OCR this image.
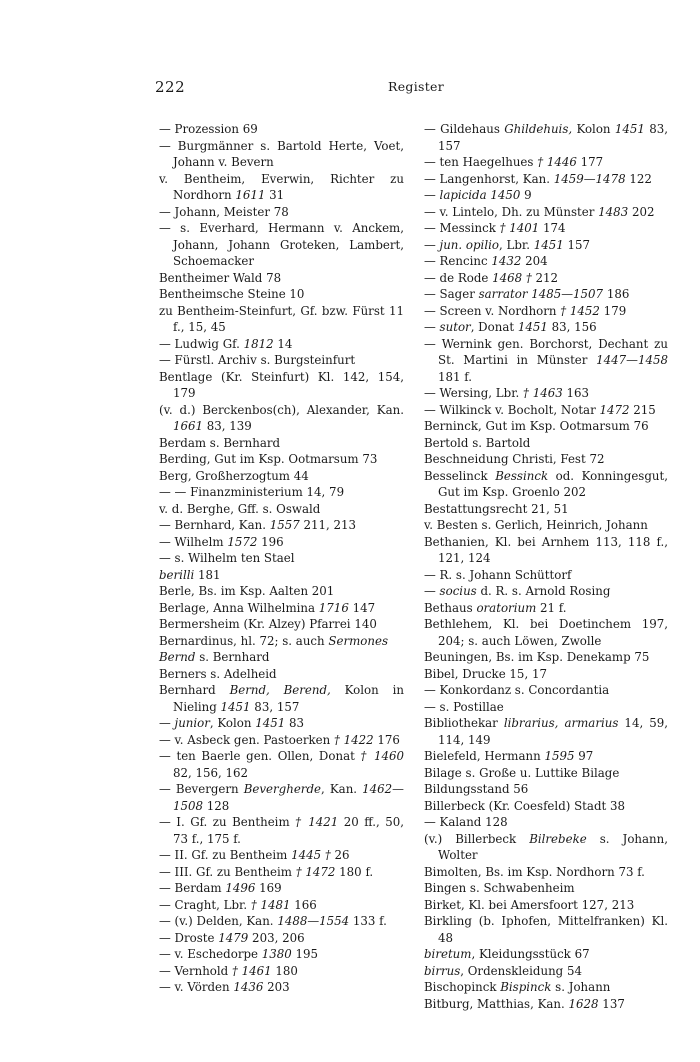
222	Register

— Prozession 69

— Burgmänner s. Bartold Herte, Voet, Johann v. Bevern

v. Bentheim, Everwin, Richter zu Nordhorn 1611 31

— Johann, Meister 78

— s. Everhard, Hermann v. Anckem, Johann, Johann Groteken, Lambert, Schoemacker

Bentheimer Wald 78

Bentheimsche Steine 10

zu Bentheim-Steinfurt, Gf. bzw. Fürst 11 f., 15, 45

— Ludwig Gf. 1812 14

— Fürstl. Archiv s. Burgsteinfurt

Bentlage (Kr. Steinfurt) Kl. 142, 154, 179

(v. d.) Berckenbos(ch), Alexander, Kan. 1661 83, 139

Berdam s. Bernhard

Berding, Gut im Ksp. Ootmarsum 73

Berg, Großherzogtum 44

— — Finanzministerium 14, 79

v. d. Berghe, Gff. s. Oswald

— Bernhard, Kan. 1557 211, 213

— Wilhelm 1572 196

— s. Wilhelm ten Stael

berilli 181

Berle, Bs. im Ksp. Aalten 201

Berlage, Anna Wilhelmina 1716 147

Bermersheim (Kr. Alzey) Pfarrei 140

Bernardinus, hl. 72; s. auch Sermones

Bernd s. Bernhard

Berners s. Adelheid

Bernhard Bernd, Berend, Kolon in Nieling 1451 83, 157

— junior, Kolon 1451 83

— v. Asbeck gen. Pastoerken † 1422 176

— ten Baerle gen. Ollen, Donat † 1460 82, 156, 162

— Bevergern Bevergherde, Kan. 1462—1508 128

— I. Gf. zu Bentheim † 1421 20 ff., 50, 73 f., 175 f.

— II. Gf. zu Bentheim 1445 † 26

— III. Gf. zu Bentheim † 1472 180 f.

— Berdam 1496 169

— Craght, Lbr. † 1481 166

— (v.) Delden, Kan. 1488—1554 133 f.

— Droste 1479 203, 206

— v. Eschedorpe 1380 195

— Vernhold † 1461 180

— v. Vörden 1436 203

— Gildehaus Ghildehuis, Kolon 1451 83, 157

— ten Haegelhues † 1446 177

— Langenhorst, Kan. 1459—1478 122

— lapicida 1450 9

— v. Lintelo, Dh. zu Münster 1483 202

— Messinck † 1401 174

— jun. opilio, Lbr. 1451 157

— Rencinc 1432 204

— de Rode 1468 † 212

— Sager sarrator 1485—1507 186

— Screen v. Nordhorn † 1452 179

— sutor, Donat 1451 83, 156

— Wernink gen. Borchorst, Dechant zu St. Martini in Münster 1447—1458 181 f.

— Wersing, Lbr. † 1463 163

— Wilkinck v. Bocholt, Notar 1472 215

Berninck, Gut im Ksp. Ootmarsum 76

Bertold s. Bartold

Beschneidung Christi, Fest 72

Besselinck Bessinck od. Konningesgut, Gut im Ksp. Groenlo 202

Bestattungsrecht 21, 51

v. Besten s. Gerlich, Heinrich, Johann

Bethanien, Kl. bei Arnhem 113, 118 f., 121, 124

— R. s. Johann Schüttorf

— socius d. R. s. Arnold Rosing

Bethaus oratorium 21 f.

Bethlehem, Kl. bei Doetinchem 197, 204; s. auch Löwen, Zwolle

Beuningen, Bs. im Ksp. Denekamp 75

Bibel, Drucke 15, 17

— Konkordanz s. Concordantia

— s. Postillae

Bibliothekar librarius, armarius 14, 59, 114, 149

Bielefeld, Hermann 1595 97

Bilage s. Große u. Luttike Bilage

Bildungsstand 56

Billerbeck (Kr. Coesfeld) Stadt 38

— Kaland 128

(v.) Billerbeck Bilrebeke s. Johann, Wolter

Bimolten, Bs. im Ksp. Nordhorn 73 f.

Bingen s. Schwabenheim

Birket, Kl. bei Amersfoort 127, 213

Birkling (b. Iphofen, Mittelfranken) Kl. 48

biretum, Kleidungsstück 67

birrus, Ordenskleidung 54

Bischopinck Bispinck s. Johann

Bitburg, Matthias, Kan. 1628 137
